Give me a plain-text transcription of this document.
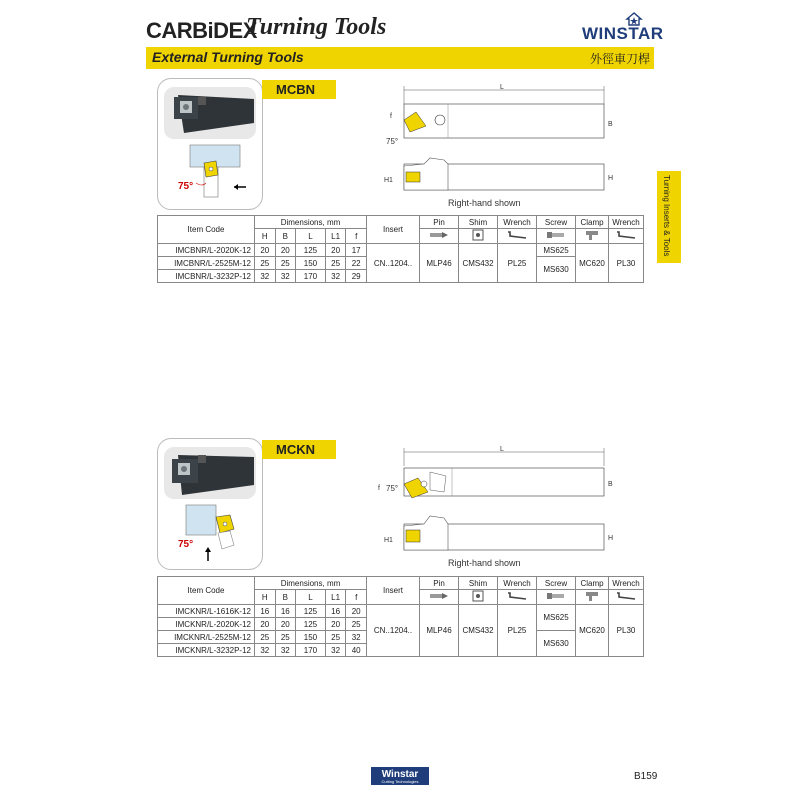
CARBiDEX
Turning Tools	WINSTAR
External Turning Tools	外徑車刀桿
Turning Inserts & Tools
75°
MCBN	L
f
75°
B
H1	H
Right-hand shown
Item Code	Dimensions, mm					Insert	Pin	Shim	Wrench	Screw	Clamp	Wrench

	H	B	L	L1	f						
IMCBNR/L-2020K-12	20	20	125	20	17	CN..1204..	MLP46	CMS432	PL25	MS625	MC620	PL30
IMCBNR/L-2525M-12	25	25	150	25	22					MS630		
IMCBNR/L-3232P-12	32	32	170	32	29							
75°
MCKN	L
f 75°	B
H1	H
Right-hand shown
Item Code	Dimensions, mm					Insert	Pin	Shim	Wrench	Screw	Clamp	Wrench

	H	B	L	L1	f						
IMCKNR/L-1616K-12	16	16	125	16	20	CN..1204..	MLP46	CMS432	PL25	MS625	MC620	PL30
IMCKNR/L-2020K-12	20	20	125	20	25							
IMCKNR/L-2525M-12	25	25	150	25	32					MS630		
IMCKNR/L-3232P-12	32	32	170	32	40							
Winstar
Cutting Technologies	B159
